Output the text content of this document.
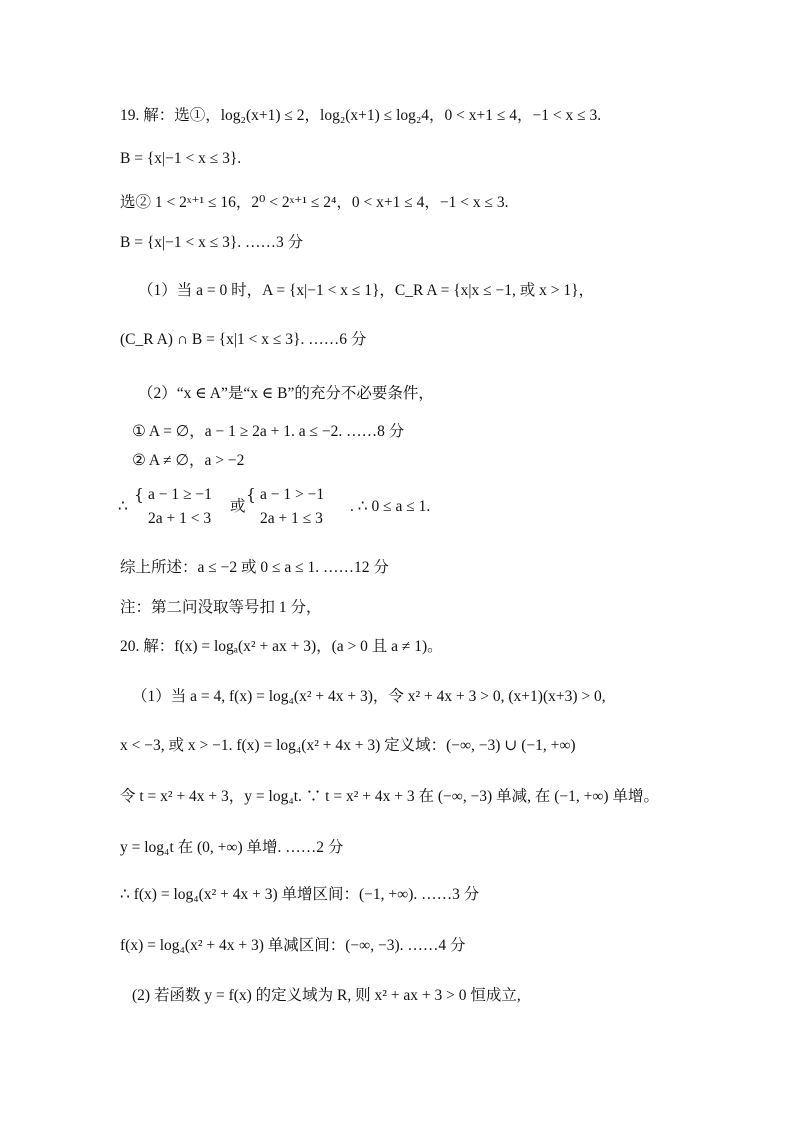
19. 解：选①，log₂(x+1) ≤ 2，log₂(x+1) ≤ log₂4，0 < x+1 ≤ 4，−1 < x ≤ 3.
B = {x|−1 < x ≤ 3}.
选② 1 < 2ˣ⁺¹ ≤ 16，2⁰ < 2ˣ⁺¹ ≤ 2⁴，0 < x+1 ≤ 4，−1 < x ≤ 3.
B = {x|−1 < x ≤ 3}. ……3 分
（1）当 a = 0 时，A = {x|−1 < x ≤ 1}，C_R A = {x|x ≤ −1, 或 x > 1}，
(C_R A) ∩ B = {x|1 < x ≤ 3}. ……6 分
（2）“x ∈ A”是“x ∈ B”的充分不必要条件，
① A = ∅，a − 1 ≥ 2a + 1. a ≤ −2. ……8 分
② A ≠ ∅，a > −2
∴
{ a − 1 ≥ −1
2a + 1 < 3
或
{ a − 1 > −1
2a + 1 ≤ 3
. ∴ 0 ≤ a ≤ 1.
综上所述：a ≤ −2 或 0 ≤ a ≤ 1. ……12 分
注：第二问没取等号扣 1 分，
20. 解：f(x) = logₐ(x² + ax + 3)，(a > 0 且 a ≠ 1)。
（1）当 a = 4, f(x) = log₄(x² + 4x + 3)，令 x² + 4x + 3 > 0, (x+1)(x+3) > 0,
x < −3, 或 x > −1. f(x) = log₄(x² + 4x + 3) 定义域：(−∞, −3) ∪ (−1, +∞)
令 t = x² + 4x + 3，y = log₄t. ∵ t = x² + 4x + 3 在 (−∞, −3) 单减, 在 (−1, +∞) 单增。
y = log₄t 在 (0, +∞) 单增. ……2 分
∴ f(x) = log₄(x² + 4x + 3) 单增区间：(−1, +∞). ……3 分
f(x) = log₄(x² + 4x + 3) 单减区间：(−∞, −3). ……4 分
(2) 若函数 y = f(x) 的定义域为 R, 则 x² + ax + 3 > 0 恒成立,
